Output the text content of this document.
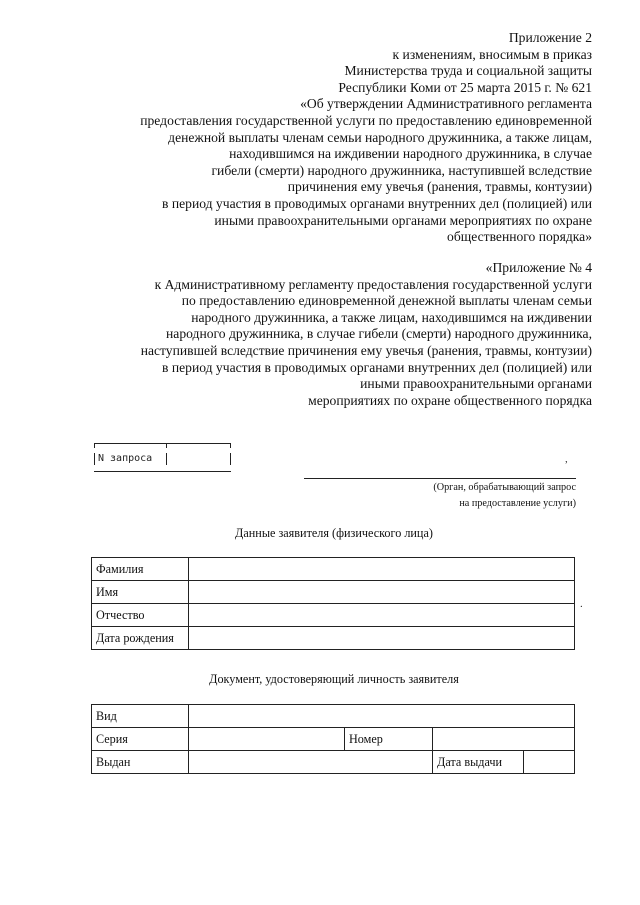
Приложение 2
к изменениям, вносимым в приказ
Министерства труда и социальной защиты
Республики Коми от 25 марта 2015 г. № 621
«Об утверждении Административного регламента
предоставления государственной услуги по предоставлению единовременной
денежной выплаты членам семьи народного дружинника, а также лицам,
находившимся на иждивении народного дружинника, в случае
гибели (смерти) народного дружинника, наступившей вследствие
причинения ему увечья (ранения, травмы, контузии)
в период участия в проводимых органами внутренних дел (полицией) или
иными правоохранительными органами мероприятиях по охране
общественного порядка»
«Приложение № 4
к Административному регламенту предоставления государственной услуги
по предоставлению единовременной денежной выплаты членам семьи
народного дружинника, а также лицам, находившимся на иждивении
народного дружинника, в случае гибели (смерти) народного дружинника,
наступившей вследствие причинения ему увечья (ранения, травмы, контузии)
в период участия в проводимых органами внутренних дел (полицией) или
иными правоохранительными органами
мероприятиях по охране общественного порядка
N запроса	,
(Орган, обрабатывающий запрос
на предоставление услуги)
Данные заявителя (физического лица)
Фамилия	
Имя	
Отчество	
Дата рождения	
.
Документ, удостоверяющий личность заявителя
Вид			
Серия		Номер	
Выдан			Дата выдачи
